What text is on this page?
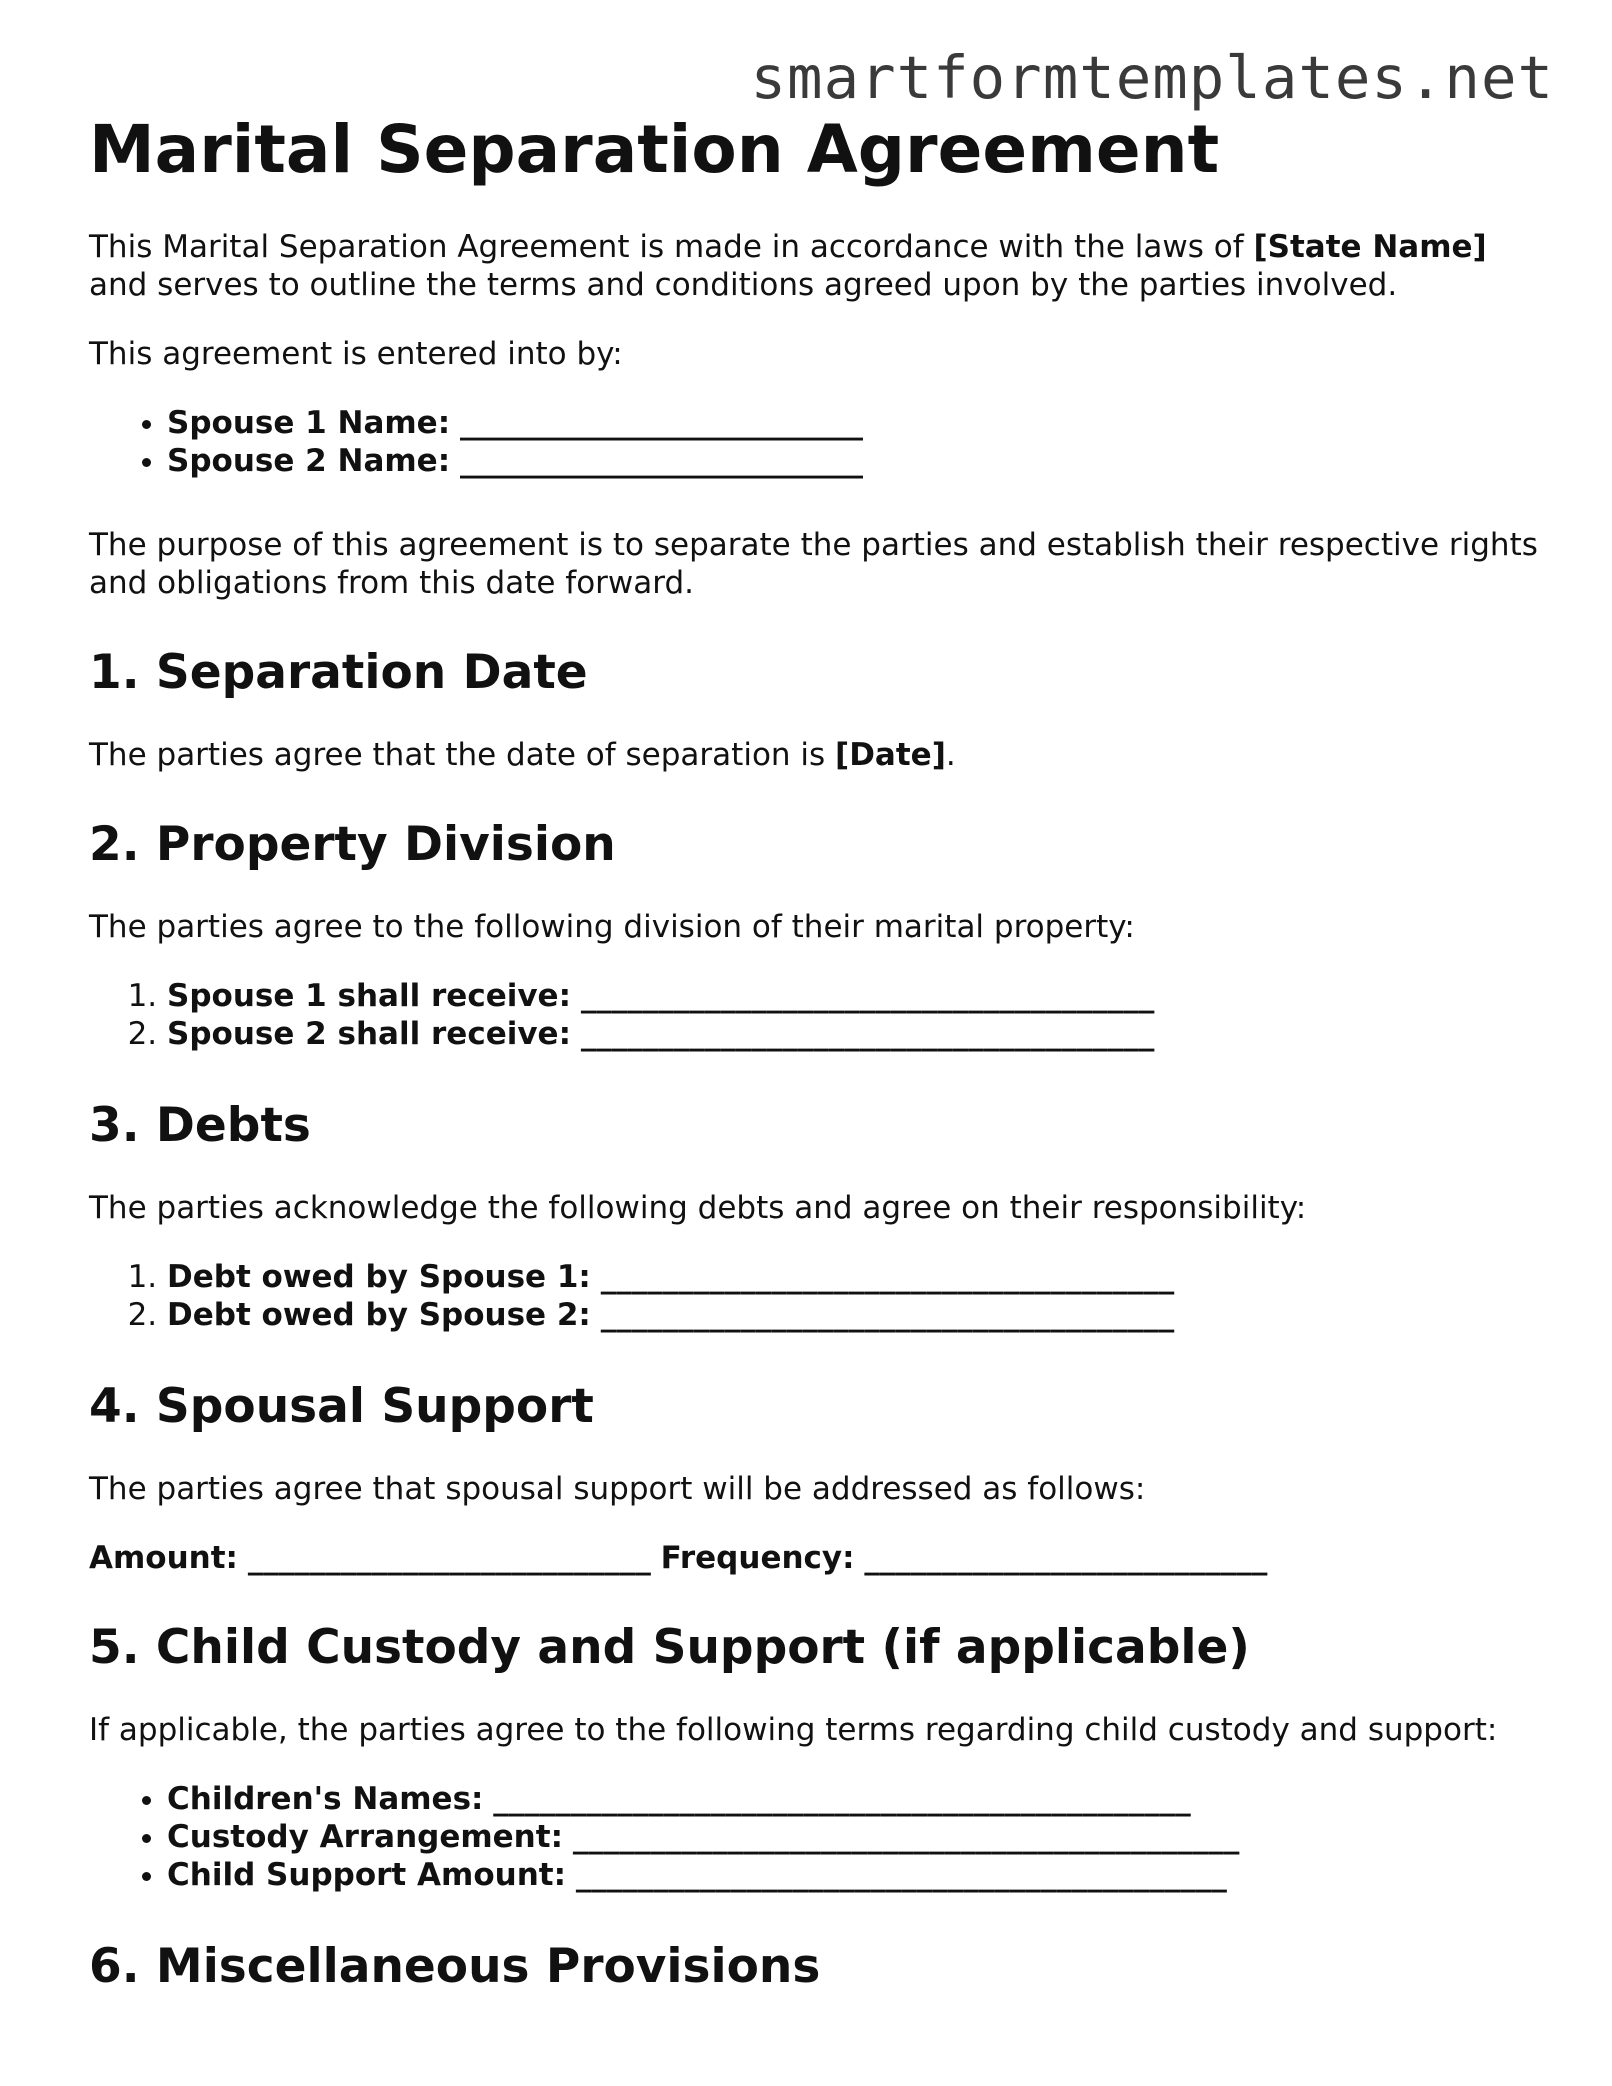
smartformtemplates.net
Marital Separation Agreement

This Marital Separation Agreement is made in accordance with the laws of [State Name] and serves to outline the terms and conditions agreed upon by the parties involved.

This agreement is entered into by:

• Spouse 1 Name: __________________________
• Spouse 2 Name: __________________________

The purpose of this agreement is to separate the parties and establish their respective rights and obligations from this date forward.

1. Separation Date

The parties agree that the date of separation is [Date].

2. Property Division

The parties agree to the following division of their marital property:

1. Spouse 1 shall receive: _____________________________________
2. Spouse 2 shall receive: _____________________________________
3. Debts

The parties acknowledge the following debts and agree on their responsibility:

1. Debt owed by Spouse 1: _____________________________________
2. Debt owed by Spouse 2: _____________________________________
4. Spousal Support

The parties agree that spousal support will be addressed as follows:

Amount: __________________________ Frequency: __________________________

5. Child Custody and Support (if applicable)

If applicable, the parties agree to the following terms regarding child custody and support:

• Children's Names: _____________________________________________
• Custody Arrangement: ___________________________________________
• Child Support Amount: __________________________________________
6. Miscellaneous Provisions
